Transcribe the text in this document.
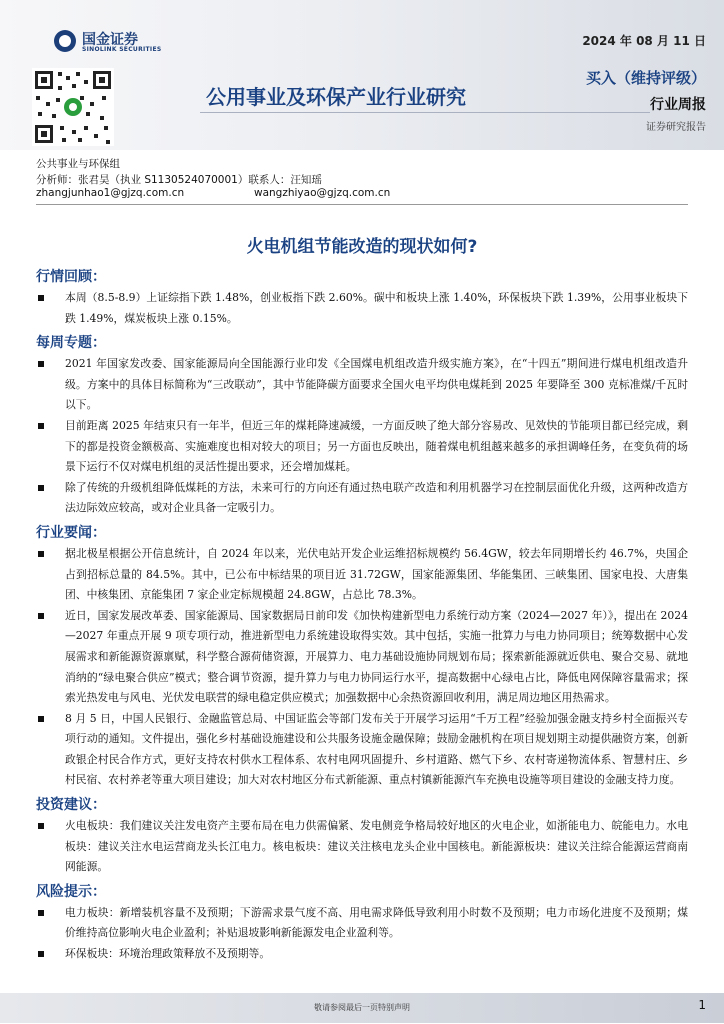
国金证券
SINOLINK SECURITIES
2024 年 08 月 11 日
公用事业及环保产业行业研究
买入（维持评级）
行业周报
证券研究报告
公共事业与环保组
分析师：张君昊（执业 S1130524070001）联系人：汪知瑶
zhangjunhao1@gjzq.com.cn	wangzhiyao@gjzq.com.cn
火电机组节能改造的现状如何?
行情回顾：

本周（8.5-8.9）上证综指下跌 1.48%，创业板指下跌 2.60%。碳中和板块上涨 1.40%，环保板块下跌 1.39%，公用事业板块下跌 1.49%，煤炭板块上涨 0.15%。

每周专题：

2021 年国家发改委、国家能源局向全国能源行业印发《全国煤电机组改造升级实施方案》，在“十四五”期间进行煤电机组改造升级。方案中的具体目标简称为“三改联动”，其中节能降碳方面要求全国火电平均供电煤耗到 2025 年要降至 300 克标准煤/千瓦时以下。

目前距离 2025 年结束只有一年半，但近三年的煤耗降速减缓，一方面反映了绝大部分容易改、见效快的节能项目都已经完成，剩下的都是投资金额极高、实施难度也相对较大的项目；另一方面也反映出，随着煤电机组越来越多的承担调峰任务，在变负荷的场景下运行不仅对煤电机组的灵活性提出要求，还会增加煤耗。

除了传统的升级机组降低煤耗的方法，未来可行的方向还有通过热电联产改造和利用机器学习在控制层面优化升级，这两种改造方法边际效应较高，或对企业具备一定吸引力。

行业要闻：

据北极星根据公开信息统计，自 2024 年以来，光伏电站开发企业运维招标规模约 56.4GW，较去年同期增长约 46.7%，央国企占到招标总量的 84.5%。其中，已公布中标结果的项目近 31.72GW，国家能源集团、华能集团、三峡集团、国家电投、大唐集团、中核集团、京能集团 7 家企业定标规模超 24.8GW，占总比 78.3%。

近日，国家发展改革委、国家能源局、国家数据局日前印发《加快构建新型电力系统行动方案（2024—2027 年）》，提出在 2024—2027 年重点开展 9 项专项行动，推进新型电力系统建设取得实效。其中包括，实施一批算力与电力协同项目；统筹数据中心发展需求和新能源资源禀赋，科学整合源荷储资源，开展算力、电力基础设施协同规划布局；探索新能源就近供电、聚合交易、就地消纳的“绿电聚合供应”模式；整合调节资源，提升算力与电力协同运行水平，提高数据中心绿电占比，降低电网保障容量需求；探索光热发电与风电、光伏发电联营的绿电稳定供应模式；加强数据中心余热资源回收利用，满足周边地区用热需求。

8 月 5 日，中国人民银行、金融监管总局、中国证监会等部门发布关于开展学习运用“千万工程”经验加强金融支持乡村全面振兴专项行动的通知。文件提出，强化乡村基础设施建设和公共服务设施金融保障；鼓励金融机构在项目规划期主动提供融资方案，创新政银企村民合作方式，更好支持农村供水工程体系、农村电网巩固提升、乡村道路、燃气下乡、农村寄递物流体系、智慧村庄、乡村民宿、农村养老等重大项目建设；加大对农村地区分布式新能源、重点村镇新能源汽车充换电设施等项目建设的金融支持力度。

投资建议：

火电板块：我们建议关注发电资产主要布局在电力供需偏紧、发电侧竞争格局较好地区的火电企业，如浙能电力、皖能电力。水电板块：建议关注水电运营商龙头长江电力。核电板块：建议关注核电龙头企业中国核电。新能源板块：建议关注综合能源运营商南网能源。

风险提示：

电力板块：新增装机容量不及预期；下游需求景气度不高、用电需求降低导致利用小时数不及预期；电力市场化进度不及预期；煤价维持高位影响火电企业盈利；补贴退坡影响新能源发电企业盈利等。

环保板块：环境治理政策释放不及预期等。

敬请参阅最后一页特别声明	1
